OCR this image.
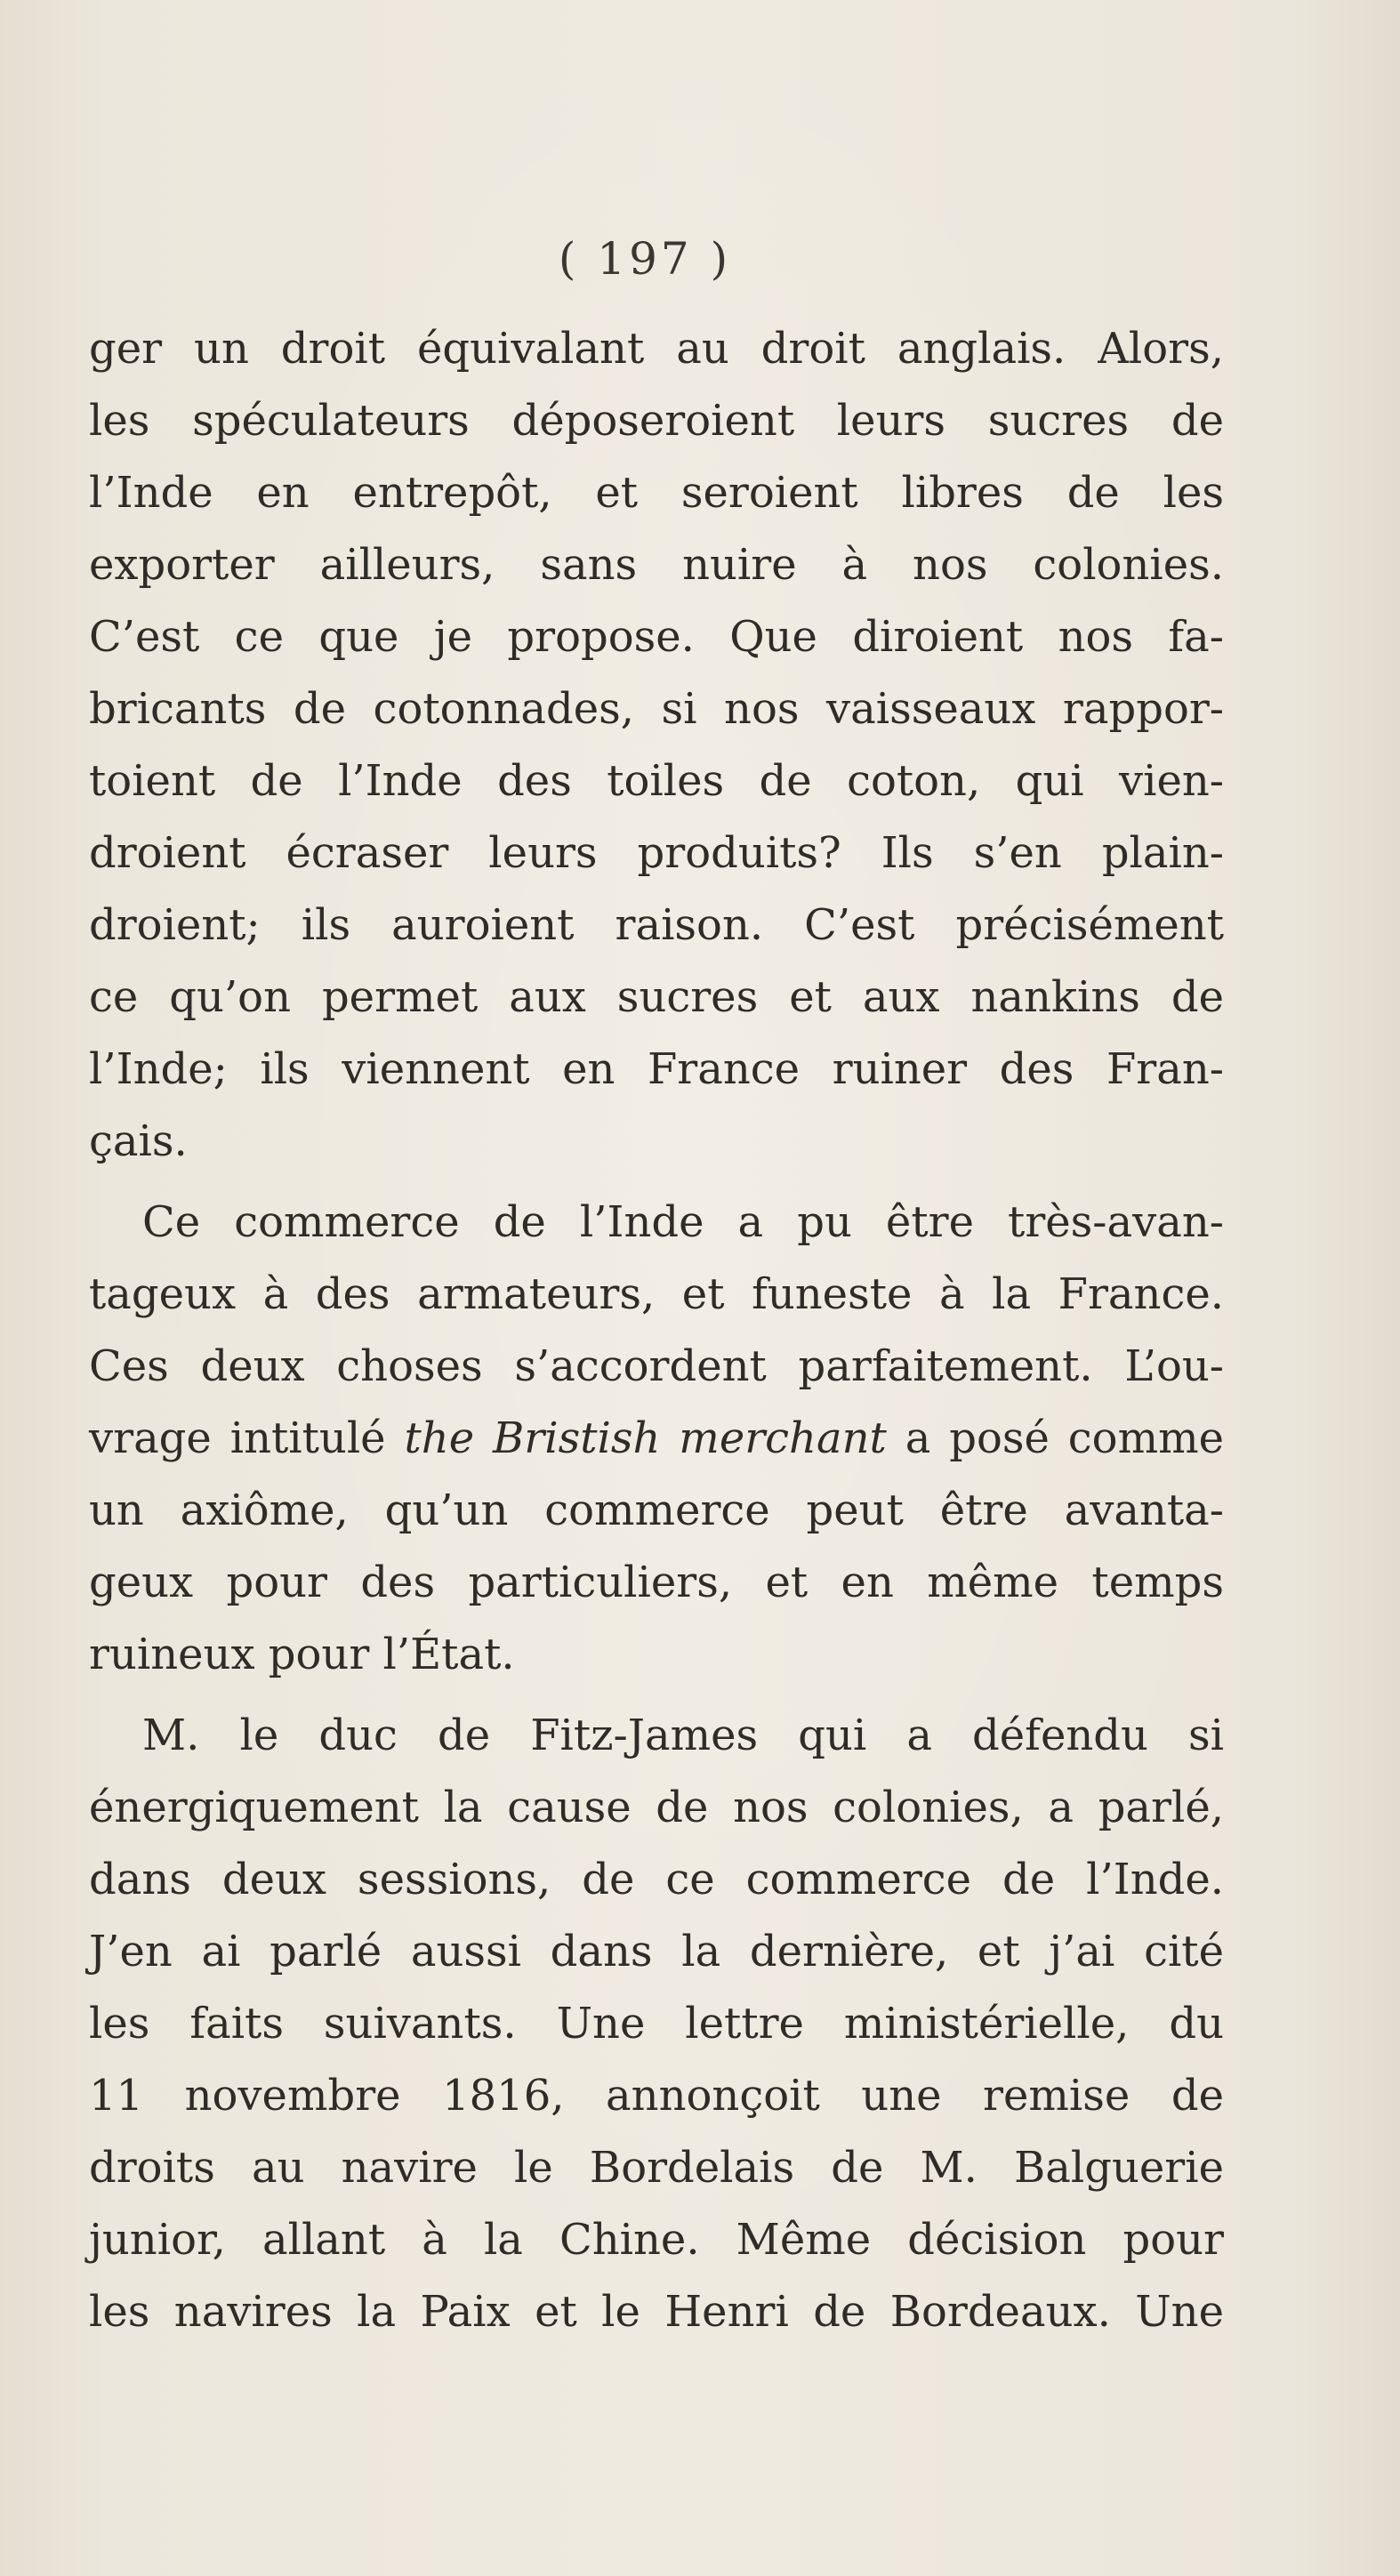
( 197 )
ger un droit équivalant au droit anglais. Alors,
les spéculateurs déposeroient leurs sucres de
l’Inde en entrepôt, et seroient libres de les
exporter ailleurs, sans nuire à nos colonies.
C’est ce que je propose. Que diroient nos fa-
bricants de cotonnades, si nos vaisseaux rappor-
toient de l’Inde des toiles de coton, qui vien-
droient écraser leurs produits? Ils s’en plain-
droient; ils auroient raison. C’est précisément
ce qu’on permet aux sucres et aux nankins de
l’Inde; ils viennent en France ruiner des Fran-
çais.
Ce commerce de l’Inde a pu être très-avan-
tageux à des armateurs, et funeste à la France.
Ces deux choses s’accordent parfaitement. L’ou-
vrage intitulé the Bristish merchant a posé comme
un axiôme, qu’un commerce peut être avanta-
geux pour des particuliers, et en même temps
ruineux pour l’État.
M. le duc de Fitz-James qui a défendu si
énergiquement la cause de nos colonies, a parlé,
dans deux sessions, de ce commerce de l’Inde.
J’en ai parlé aussi dans la dernière, et j’ai cité
les faits suivants. Une lettre ministérielle, du
11 novembre 1816, annonçoit une remise de
droits au navire le Bordelais de M. Balguerie
junior, allant à la Chine. Même décision pour
les navires la Paix et le Henri de Bordeaux. Une
